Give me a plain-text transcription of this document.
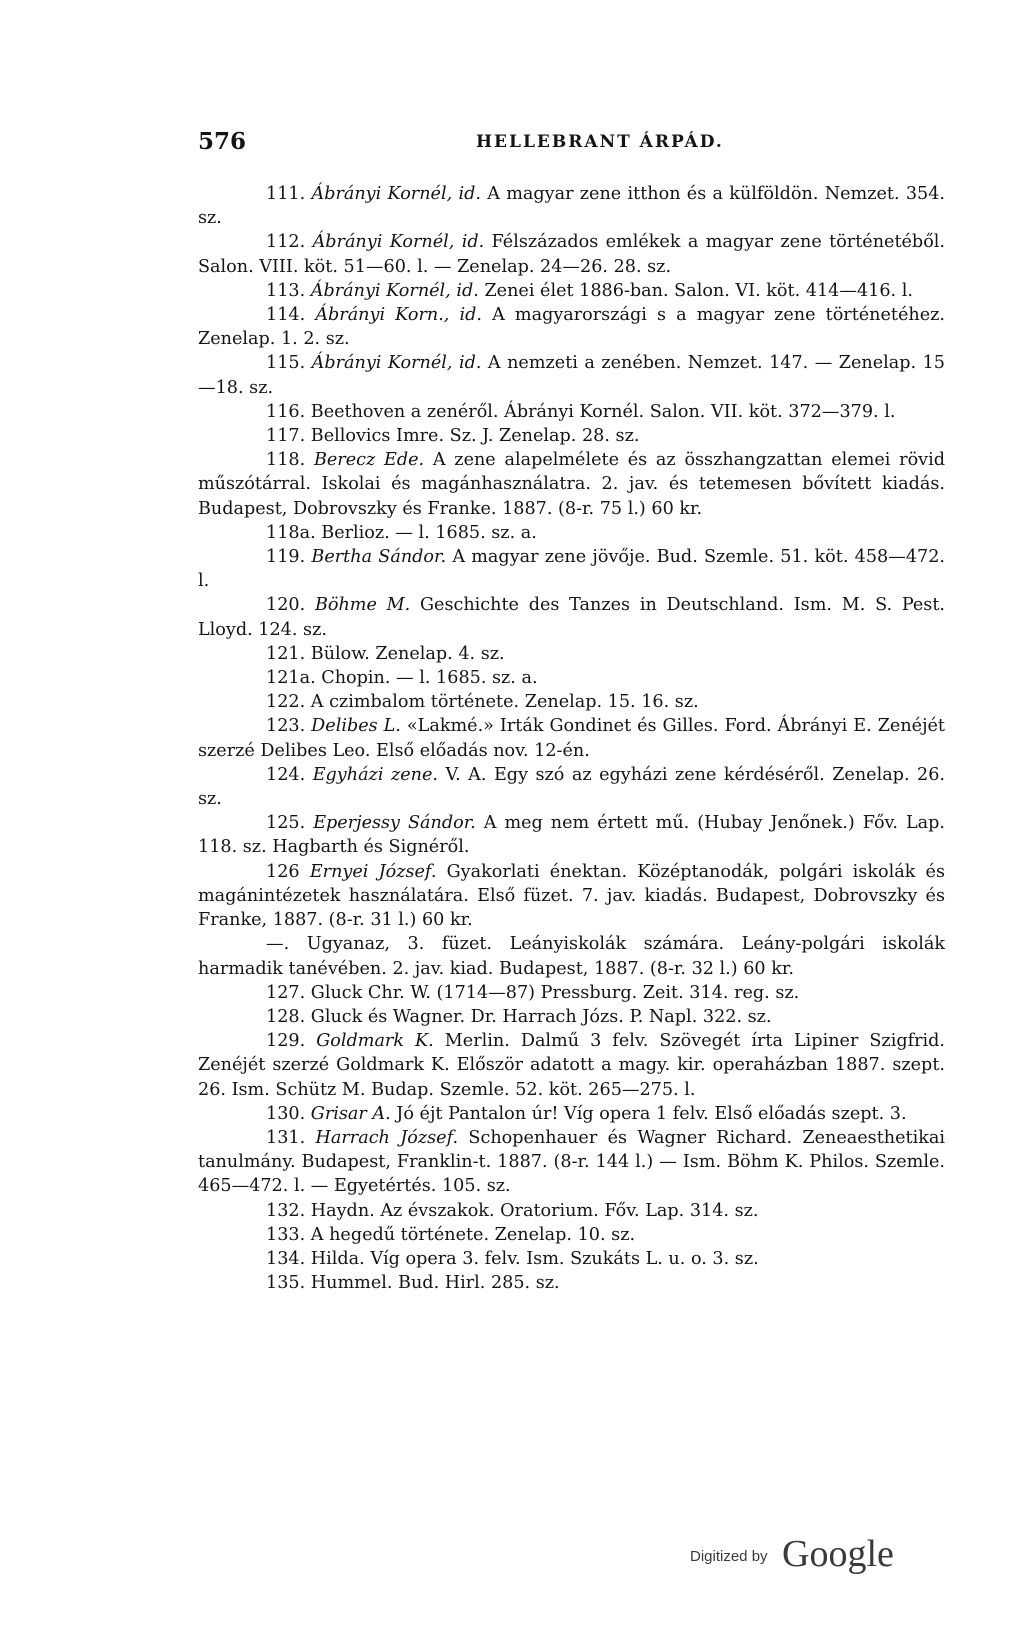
576	HELLEBRANT ÁRPÁD.

111. Ábrányi Kornél, id. A magyar zene itthon és a külföldön. Nemzet. 354. sz.

112. Ábrányi Kornél, id. Félszázados emlékek a magyar zene történetéből. Salon. VIII. köt. 51—60. l. — Zenelap. 24—26. 28. sz.

113. Ábrányi Kornél, id. Zenei élet 1886-ban. Salon. VI. köt. 414—416. l.

114. Ábrányi Korn., id. A magyarországi s a magyar zene történetéhez. Zenelap. 1. 2. sz.

115. Ábrányi Kornél, id. A nemzeti a zenében. Nemzet. 147. — Zenelap. 15—18. sz.

116. Beethoven a zenéről. Ábrányi Kornél. Salon. VII. köt. 372—379. l.

117. Bellovics Imre. Sz. J. Zenelap. 28. sz.

118. Berecz Ede. A zene alapelmélete és az összhangzattan elemei rövid műszótárral. Iskolai és magánhasználatra. 2. jav. és tetemesen bővített kiadás. Budapest, Dobrovszky és Franke. 1887. (8-r. 75 l.) 60 kr.

118a. Berlioz. — l. 1685. sz. a.

119. Bertha Sándor. A magyar zene jövője. Bud. Szemle. 51. köt. 458—472. l.

120. Böhme M. Geschichte des Tanzes in Deutschland. Ism. M. S. Pest. Lloyd. 124. sz.

121. Bülow. Zenelap. 4. sz.

121a. Chopin. — l. 1685. sz. a.

122. A czimbalom története. Zenelap. 15. 16. sz.

123. Delibes L. «Lakmé.» Irták Gondinet és Gilles. Ford. Ábrányi E. Zenéjét szerzé Delibes Leo. Első előadás nov. 12-én.

124. Egyházi zene. V. A. Egy szó az egyházi zene kérdéséről. Zenelap. 26. sz.

125. Eperjessy Sándor. A meg nem értett mű. (Hubay Jenőnek.) Főv. Lap. 118. sz. Hagbarth és Signéről.

126 Ernyei József. Gyakorlati énektan. Középtanodák, polgári iskolák és magánintézetek használatára. Első füzet. 7. jav. kiadás. Budapest, Dobrovszky és Franke, 1887. (8-r. 31 l.) 60 kr.

—. Ugyanaz, 3. füzet. Leányiskolák számára. Leány-polgári iskolák harmadik tanévében. 2. jav. kiad. Budapest, 1887. (8-r. 32 l.) 60 kr.

127. Gluck Chr. W. (1714—87) Pressburg. Zeit. 314. reg. sz.

128. Gluck és Wagner. Dr. Harrach Józs. P. Napl. 322. sz.

129. Goldmark K. Merlin. Dalmű 3 felv. Szövegét írta Lipiner Szigfrid. Zenéjét szerzé Goldmark K. Először adatott a magy. kir. operaházban 1887. szept. 26. Ism. Schütz M. Budap. Szemle. 52. köt. 265—275. l.

130. Grisar A. Jó éjt Pantalon úr! Víg opera 1 felv. Első előadás szept. 3.

131. Harrach József. Schopenhauer és Wagner Richard. Zeneaesthetikai tanulmány. Budapest, Franklin-t. 1887. (8-r. 144 l.) — Ism. Böhm K. Philos. Szemle. 465—472. l. — Egyetértés. 105. sz.

132. Haydn. Az évszakok. Oratorium. Főv. Lap. 314. sz.

133. A hegedű története. Zenelap. 10. sz.

134. Hilda. Víg opera 3. felv. Ism. Szukáts L. u. o. 3. sz.

135. Hummel. Bud. Hirl. 285. sz.

Digitized by Google
